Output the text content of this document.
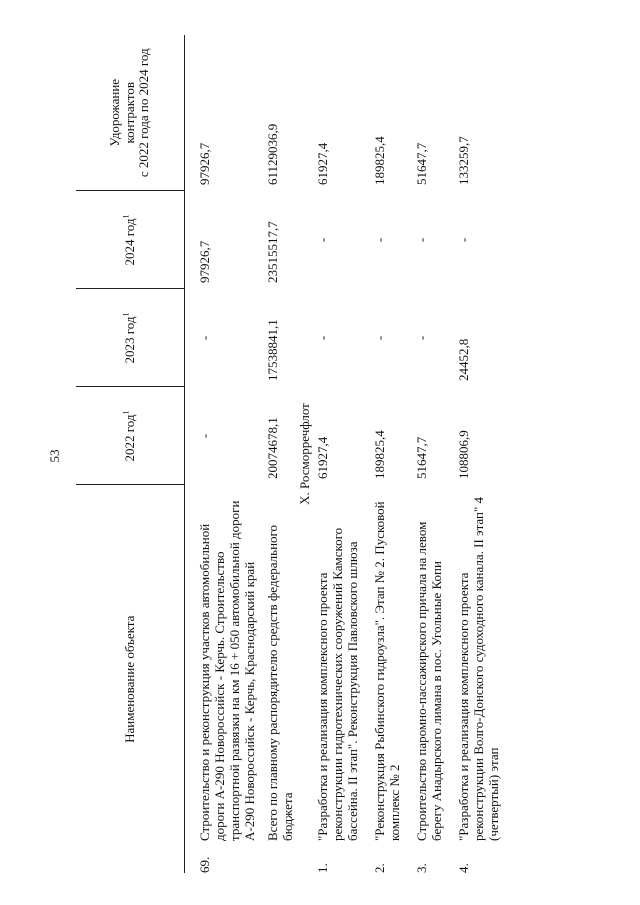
53
Наименование объекта		2022 год$^1$	2023 год$^1$	2024 год$^1$	Удорожание
контрактов
с 2022 года по 2024 год
69.	Строительство и реконструкция участков автомобильной дороги А-290 Новороссийск - Керчь. Строительство транспортной развязки на км 16 + 050 автомобильной дороги А-290 Новороссийск - Керчь, Краснодарский край	-	-	97926,7	97926,7
	Всего по главному распорядителю средств федерального бюджета	20074678,1	17538841,1	23515517,7	61129036,9
X. Росморречфлот					
1.	"Разработка и реализация комплексного проекта реконструкции гидротехнических сооружений Камского бассейна. II этап". Реконструкция Павловского шлюза	61927,4	-	-	61927,4
2.	"Реконструкция Рыбинского гидроузла". Этап № 2. Пусковой комплекс № 2	189825,4	-	-	189825,4
3.	Строительство паромно-пассажирского причала на левом берегу Анадырского лимана в пос. Угольные Копи	51647,7	-	-	51647,7
4.	"Разработка и реализация комплексного проекта реконструкции Волго-Донского судоходного канала. II этап" 4 (четвертый) этап	108806,9	24452,8	-	133259,7
